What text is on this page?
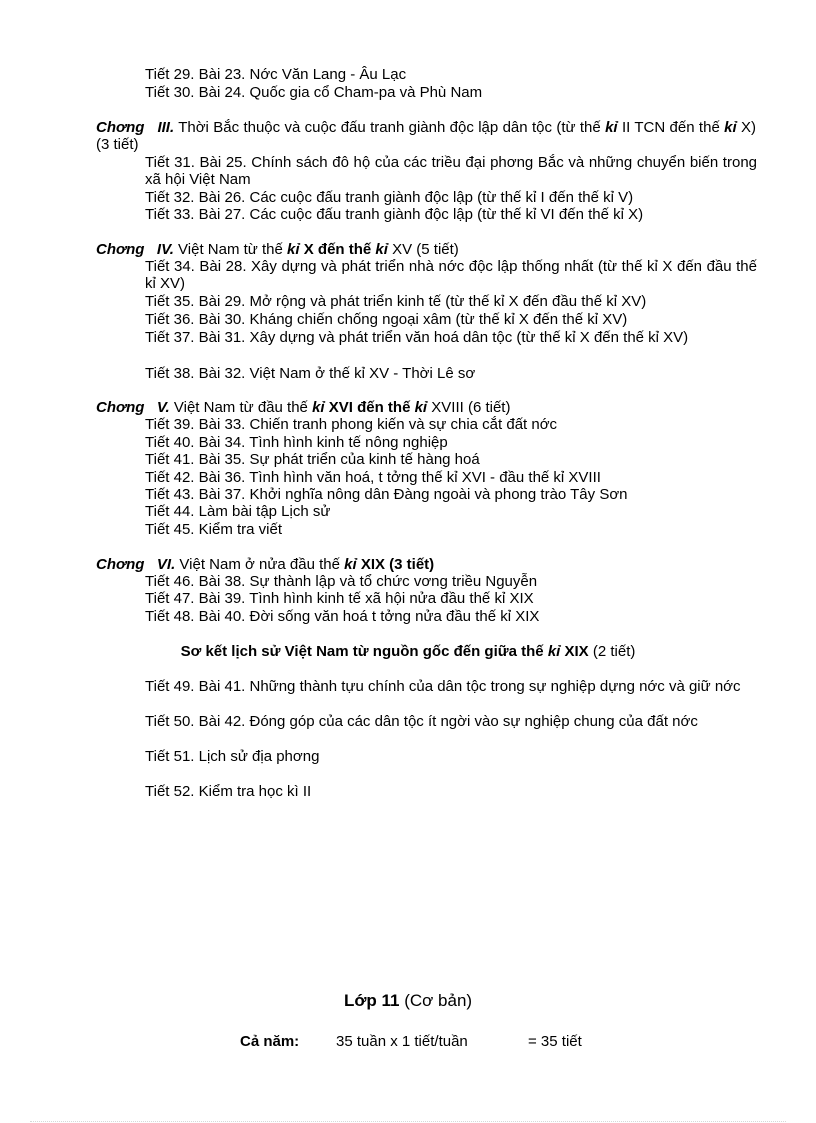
Tiết 29. Bài 23. Nớc Văn Lang - Âu Lạc
Tiết 30. Bài 24. Quốc gia cổ Cham-pa và Phù Nam
Chơng III. Thời Bắc thuộc và cuộc đấu tranh giành độc lập dân tộc (từ thế kỉ II TCN đến thế kỉ X) (3 tiết)
Tiết 31. Bài 25. Chính sách đô hộ của các triều đại phơng Bắc và những chuyển biến trong xã hội Việt Nam
Tiết 32. Bài 26. Các cuộc đấu tranh giành độc lập (từ thế kỉ I đến thế kỉ V)
Tiết 33. Bài 27. Các cuộc đấu tranh giành độc lập (từ thế kỉ VI đến thế kỉ X)
Chơng IV. Việt Nam từ thế kỉ X đến thế kỉ XV (5 tiết)
Tiết 34. Bài 28. Xây dựng và phát triển nhà nớc độc lập thống nhất (từ thế kỉ X đến đầu thế kỉ XV)
Tiết 35. Bài 29. Mở rộng và phát triển kinh tế (từ thế kỉ X đến đầu thế kỉ XV)
Tiết 36. Bài 30. Kháng chiến chống ngoại xâm (từ thế kỉ X đến thế kỉ XV)
Tiết 37. Bài 31. Xây dựng và phát triển văn hoá dân tộc (từ thế kỉ X đến thế kỉ XV)
Tiết 38. Bài 32. Việt Nam ở thế kỉ XV - Thời Lê sơ
Chơng V. Việt Nam từ đầu thế kỉ XVI đến thế kỉ XVIII (6 tiết)
Tiết 39. Bài 33. Chiến tranh phong kiến và sự chia cắt đất nớc
Tiết 40. Bài 34. Tình hình kinh tế nông nghiệp
Tiết 41. Bài 35. Sự phát triển của kinh tế hàng hoá
Tiết 42. Bài 36. Tình hình văn hoá, t tởng thế kỉ XVI - đầu thế kỉ XVIII
Tiết 43. Bài 37. Khởi nghĩa nông dân Đàng ngoài và phong trào Tây Sơn
Tiết 44. Làm bài tập Lịch sử
Tiết 45. Kiểm tra viết
Chơng VI. Việt Nam ở nửa đầu thế kỉ XIX (3 tiết)
Tiết 46. Bài 38. Sự thành lập và tổ chức vơng triều Nguyễn
Tiết 47. Bài 39. Tình hình kinh tế xã hội nửa đầu thế kỉ XIX
Tiết 48. Bài 40. Đời sống văn hoá t tởng nửa đầu thế kỉ XIX
Sơ kết lịch sử Việt Nam từ nguồn gốc đến giữa thế kỉ XIX (2 tiết)
Tiết 49. Bài 41. Những thành tựu chính của dân tộc trong sự nghiệp dựng nớc và giữ nớc
Tiết 50. Bài 42. Đóng góp của các dân tộc ít ngời vào sự nghiệp chung của đất nớc
Tiết 51. Lịch sử địa phơng
Tiết 52. Kiểm tra học kì II
Lớp 11 (Cơ bản)
Cả năm: 35 tuần x 1 tiết/tuần	= 35 tiết
